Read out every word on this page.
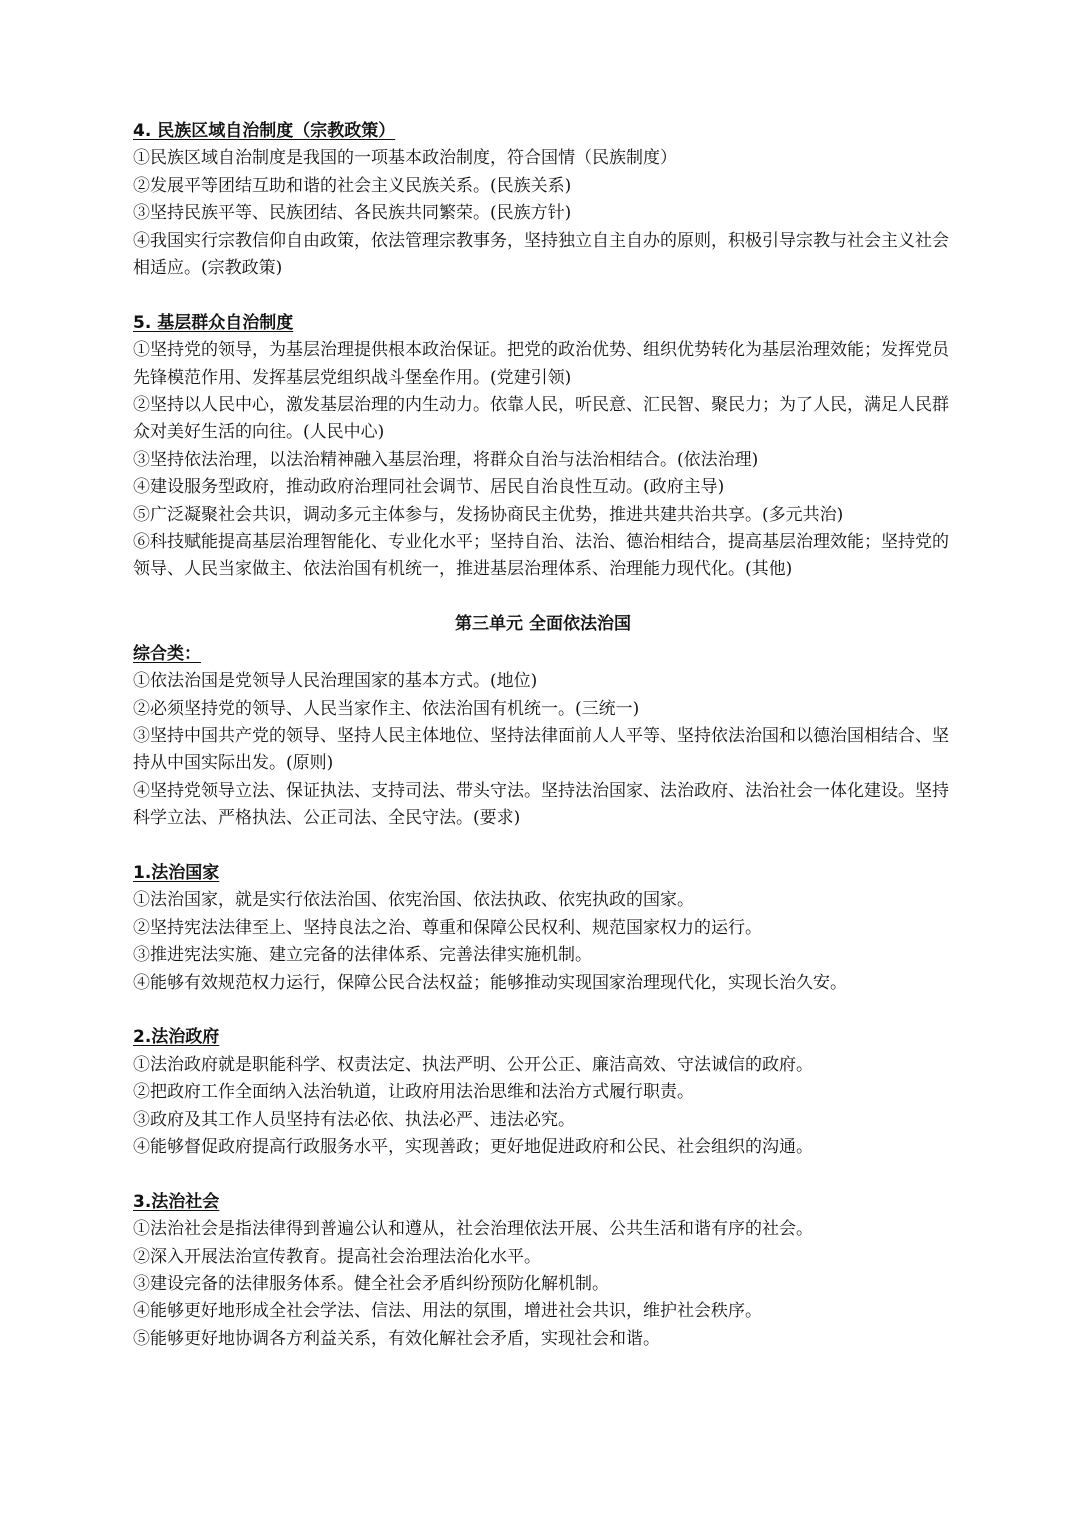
4. 民族区域自治制度（宗教政策）
①民族区域自治制度是我国的一项基本政治制度，符合国情（民族制度）
②发展平等团结互助和谐的社会主义民族关系。(民族关系)
③坚持民族平等、民族团结、各民族共同繁荣。(民族方针)
④我国实行宗教信仰自由政策，依法管理宗教事务，坚持独立自主自办的原则，积极引导宗教与社会主义社会相适应。(宗教政策)
5. 基层群众自治制度
①坚持党的领导，为基层治理提供根本政治保证。把党的政治优势、组织优势转化为基层治理效能；发挥党员先锋模范作用、发挥基层党组织战斗堡垒作用。(党建引领)
②坚持以人民中心，激发基层治理的内生动力。依靠人民，听民意、汇民智、聚民力；为了人民，满足人民群众对美好生活的向往。(人民中心)
③坚持依法治理，以法治精神融入基层治理，将群众自治与法治相结合。(依法治理)
④建设服务型政府，推动政府治理同社会调节、居民自治良性互动。(政府主导)
⑤广泛凝聚社会共识，调动多元主体参与，发扬协商民主优势，推进共建共治共享。(多元共治)
⑥科技赋能提高基层治理智能化、专业化水平；坚持自治、法治、德治相结合，提高基层治理效能；坚持党的领导、人民当家做主、依法治国有机统一，推进基层治理体系、治理能力现代化。(其他)
第三单元 全面依法治国
综合类：
①依法治国是党领导人民治理国家的基本方式。(地位)
②必须坚持党的领导、人民当家作主、依法治国有机统一。(三统一)
③坚持中国共产党的领导、坚持人民主体地位、坚持法律面前人人平等、坚持依法治国和以德治国相结合、坚持从中国实际出发。(原则)
④坚持党领导立法、保证执法、支持司法、带头守法。坚持法治国家、法治政府、法治社会一体化建设。坚持科学立法、严格执法、公正司法、全民守法。(要求)
1.法治国家
①法治国家，就是实行依法治国、依宪治国、依法执政、依宪执政的国家。
②坚持宪法法律至上、坚持良法之治、尊重和保障公民权利、规范国家权力的运行。
③推进宪法实施、建立完备的法律体系、完善法律实施机制。
④能够有效规范权力运行，保障公民合法权益；能够推动实现国家治理现代化，实现长治久安。
2.法治政府
①法治政府就是职能科学、权责法定、执法严明、公开公正、廉洁高效、守法诚信的政府。
②把政府工作全面纳入法治轨道，让政府用法治思维和法治方式履行职责。
③政府及其工作人员坚持有法必依、执法必严、违法必究。
④能够督促政府提高行政服务水平，实现善政；更好地促进政府和公民、社会组织的沟通。
3.法治社会
①法治社会是指法律得到普遍公认和遵从，社会治理依法开展、公共生活和谐有序的社会。
②深入开展法治宣传教育。提高社会治理法治化水平。
③建设完备的法律服务体系。健全社会矛盾纠纷预防化解机制。
④能够更好地形成全社会学法、信法、用法的氛围，增进社会共识，维护社会秩序。
⑤能够更好地协调各方利益关系，有效化解社会矛盾，实现社会和谐。
